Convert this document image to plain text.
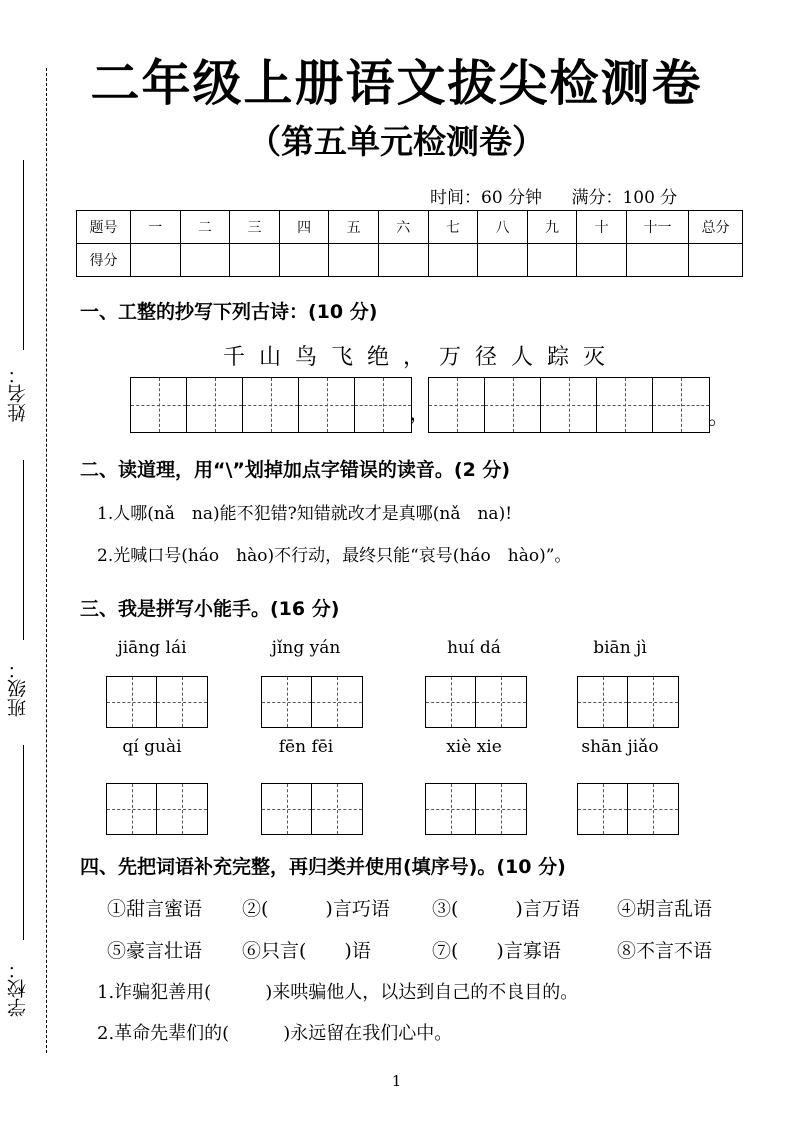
姓名：
班级：
学校：
二年级上册语文拔尖检测卷
（第五单元检测卷）
时间：60 分钟 满分：100 分
题号	一	二	三	四	五	六	七	八	九	十	十一	总分
得分												
一、工整的抄写下列古诗：(10 分)
千山鸟飞绝，万径人踪灭
，	。
二、读道理，用“\”划掉加点字错误的读音。(2 分)
1.人哪(nǎ　na)能不犯错?知错就改才是真哪(nǎ　na)!
2.光喊口号(háo　hào)不行动，最终只能“哀号(háo　hào)”。
三、我是拼写小能手。(16 分)
jiāng lái	jǐng yán	huí dá	biān jì
qí guài	fēn fēi	xiè xie	shān jiǎo
四、先把词语补充完整，再归类并使用(填序号)。(10 分)
①甜言蜜语 ②(　　　)言巧语 ③(　　　)言万语 ④胡言乱语
⑤豪言壮语 ⑥只言(　　)语	⑦(　　)言寡语	⑧不言不语
1.诈骗犯善用(　　　)来哄骗他人，以达到自己的不良目的。
2.革命先辈们的(　　　)永远留在我们心中。
1
